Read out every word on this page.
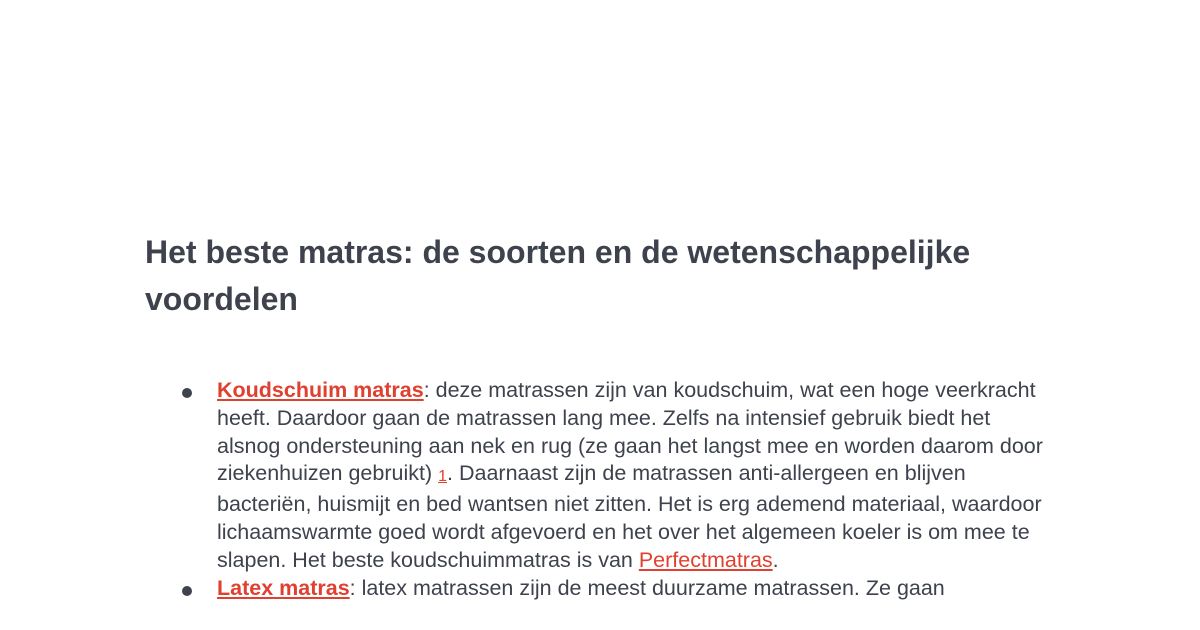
Het beste matras: de soorten en de wetenschappelijke voordelen
Koudschuim matras: deze matrassen zijn van koudschuim, wat een hoge veerkracht heeft. Daardoor gaan de matrassen lang mee. Zelfs na intensief gebruik biedt het alsnog ondersteuning aan nek en rug (ze gaan het langst mee en worden daarom door ziekenhuizen gebruikt) 1. Daarnaast zijn de matrassen anti-allergeen en blijven bacteriën, huismijt en bed wantsen niet zitten. Het is erg ademend materiaal, waardoor lichaamswarmte goed wordt afgevoerd en het over het algemeen koeler is om mee te slapen. Het beste koudschuimmatras is van Perfectmatras.
Latex matras: latex matrassen zijn de meest duurzame matrassen. Ze gaan
